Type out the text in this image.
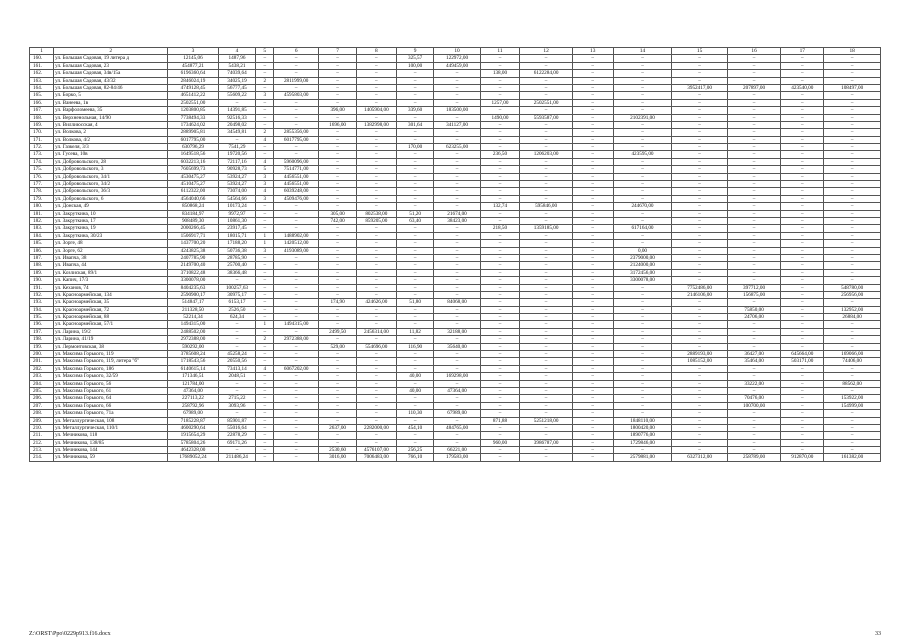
1	2	3	4	5	6	7	8	9	10	11	12	13	14	15	16	17	18
160.	ул. Большая Садовая, 19 литера д	12145,06	1487,96	–	–	–	–	325,57	122972,00	–	–	–	–	–	–	–	–
161.	ул. Большая Садовая, 23	454877,21	5438,21	–	–	–	–	100,00	449459,00	–	–	–	–	–	–	–	–
162.	ул. Большая Садовая, 34в/15а	6196360,64	74039,64	–	–	–	–	–	–	138,00	6122284,00	–	–	–	–	–	–
163.	ул. Большая Садовая, 43/32	2846024,19	34025,19	2	2811999,00	–	–	–	–	–	–	–	–	–	–	–	–
164.	ул. Большая Садовая, 82-84/46	4749128,45	56777,45	–	–	–	–	–	–	–	–	–	–	3952417,00	207897,00	423540,00	108497,00
165.	ул. Борко, 5	4651412,22	55609,22	3	4595803,00	–	–	–	–	–	–	–	–	–	–	–	–
166.	ул. Ванеева, 1в	2502551,00	–	–	–	–	–	–	–	1257,00	2502551,00	–	–	–	–	–	–
167.	ул. Варфоломеева, 35	1203800,85	14391,85	–	–	396,00	1405904,00	339,60	183500,00	–	–	–	–	–	–	–	–
168.	ул. Верхненольная, 14/90	7738494,33	92516,33	–	–	–	–	–	–	1490,00	5593587,00	–	2102391,00	–	–	–	–
169.	ул. Виллиюсская, 4	1734624,02	20498,02	–	–	1696,00	1382998,00	301,64	341127,00	–	–	–	–	–	–	–	–
170.	ул. Волкова, 2	2889905,81	34549,81	2	2855356,00	–	–	–	–	–	–	–	–	–	–	–	–
171.	ул. Волкова, 4/2	6017795,00	–	4	6017795,00	–	–	–	–	–	–	–	–	–	–	–	–
172.	ул. Газкеля, 3/3	630796,29	7541,29	–	–	–	–	170,00	623255,00	–	–	–	–	–	–	–	–
173.	ул. Гусева, 10в	1649518,56	19720,56	–	–	–	–	–	–	236,50	1206203,00	–	423595,00	–	–	–	–
174.	ул. Добровольского, 28	6032213,16	72117,16	4	5960096,00	–	–	–	–	–	–	–	–	–	–	–	–
175.	ул. Добровольского, 3	7605699,73	90928,73	5	7514771,00	–	–	–	–	–	–	–	–	–	–	–	–
176.	ул. Добровольского, 34/1	4530475,27	53924,27	3	4456551,00	–	–	–	–	–	–	–	–	–	–	–	–
177.	ул. Добровольского, 34/2	4510475,27	53924,27	3	4456551,00	–	–	–	–	–	–	–	–	–	–	–	–
178.	ул. Добровольского, 36/3	6112322,00	73074,00	4	6039248,00	–	–	–	–	–	–	–	–	–	–	–	–
179.	ул. Добровольского, 6	4564040,66	54564,66	3	4509476,00	–	–	–	–	–	–	–	–	–	–	–	–
180.	ул. Донская, 49	850868,24	10173,24	–	–	–	–	–	–	132,74	595846,00	–	244670,00	–	–	–	–
181.	ул. Закруткина, 10	834184,97	9972,97	–	–	305,00	802538,00	51,20	21674,00	–	–	–	–	–	–	–	–
182.	ул. Закруткина, 17	908489,30	10861,30	–	–	742,00	859205,00	63,40	38423,00	–	–	–	–	–	–	–	–
183.	ул. Закруткина, 19	2000266,45	23917,45	–	–	–	–	–	–	218,50	1359185,00	–	617164,00	–	–	–	–
184.	ул. Закруткина, 30/23	1506917,71	18015,71	1	1488902,00	–	–	–	–	–	–	–	–	–	–	–	–
185.	ул. Зорге, 48	1437700,20	17188,20	1	1420512,00	–	–	–	–	–	–	–	–	–	–	–	–
186.	ул. Зорге, 62	4243825,38	50736,38	3	4193089,00	–	–	–	–	–	–	–	0,00	–	–	–	–
187.	ул. Ивапча, 38	2407785,90	28785,90	–	–	–	–	–	–	–	–	–	2379000,00	–	–	–	–
188.	ул. Ивапча, 44	2149700,40	25700,40	–	–	–	–	–	–	–	–	–	2124000,00	–	–	–	–
189.	ул. Козлиская, 89/1	3710822,48	38366,48	–	–	–	–	–	–	–	–	–	3172456,00	–	–	–	–
190.	ул. Капич, 17/3	3300078,00	–	–	–	–	–	–	–	–	–	–	3300078,00	–	–	–	–
191.	ул. Кеханов, 74	8404235,63	100257,63	–	–	–	–	–	–	–	–	–	–	7752486,00	397712,00	–	548780,00
192.	ул. Красноармейская, 134	2590900,17	30975,17	–	–	–	–	–	–	–	–	–	–	2146106,00	156875,00	–	256956,00
193.	ул. Красноармейская, 35	514847,17	6153,17	–	–	174,90	424626,00	51,80	84068,00	–	–	–	–	–	–	–	–
194.	ул. Красноармейская, 72	211328,50	2526,50	–	–	–	–	–	–	–	–	–	–	–	75850,00	–	132952,00
195.	ул. Красноармейская, 88	52214,34	624,34	–	–	–	–	–	–	–	–	–	–	–	24706,00	–	26884,00
196.	ул. Красноармейская, 57/1	1494315,00	–	1	1494315,00	–	–	–	–	–	–	–	–	–	–	–	–
197.	ул. Ларина, 19/2	2488502,00	–	–	–	2499,50	2456314,00	11,82	32188,00	–	–	–	–	–	–	–	–
198.	ул. Ларина, 41/19	2972388,00	–	2	2972388,00	–	–	–	–	–	–	–	–	–	–	–	–
199.	ул. Лермонтовская, 38	590292,00	–	–	–	529,00	554696,00	116,90	35640,00	–	–	–	–	–	–	–	–
200.	ул. Максима Горького, 119	3785608,24	45258,24	–	–	–	–	–	–	–	–	–	–	2889193,00	36427,00	645664,00	169066,00
201.	ул. Максима Горького, 119, литера "б"	1718543,56	20550,56	–	–	–	–	–	–	–	–	–	–	1085152,00	35464,00	503171,00	74406,00
202.	ул. Максима Горького, 186	6140615,14	73413,14	4	6067202,00	–	–	–	–	–	–	–	–	–	–	–	–
203.	ул. Максима Горького, 32/59	171346,51	2048,51	–	–	–	–	40,00	169298,00	–	–	–	–	–	–	–	–
204.	ул. Максима Горького, 56	121784,00	–	–	–	–	–	–	–	–	–	–	–	–	33222,00	–	88562,00
205.	ул. Максима Горького, 61	47364,00	–	–	–	–	–	40,00	47364,00	–	–	–	–	–	–	–	–
206.	ул. Максима Горького, 64	227113,22	2715,22	–	–	–	–	–	–	–	–	–	–	–	70476,00	–	153922,00
207.	ул. Максима Горького, 66	258792,96	3093,96	–	–	–	–	–	–	–	–	–	–	–	100700,00	–	154999,00
208.	ул. Максима Горького, 71а	67989,00	–	–	–	–	–	110,30	67989,00	–	–	–	–	–	–	–	–
209.	ул. Металлургическая, 108	7185228,87	85901,87	–	–	–	–	–	–	871,88	5251218,00	–	1848110,00	–	–	–	–
210.	ул. Металлургическая, 110/1	4600290,64	55016,64	–	–	2637,00	2282000,00	454,10	484765,00	–	–	–	1800420,00	–	–	–	–
211.	ул. Мечникова, 118	1915654,29	22878,29	–	–	–	–	–	–	–	–	–	1890776,00	–	–	–	–
212.	ул. Мечникова, 138/85	5785804,26	69171,26	–	–	–	–	–	–	960,00	3986787,00	–	1729846,00	–	–	–	–
213.	ул. Мечникова, 144	4642328,00	–	–	–	2530,60	4576107,00	256,25	66221,00	–	–	–	–	–	–	–	–
214.	ул. Мечникова, 59	17689052,24	211486,24	–	–	3016,00	7006483,00	766,10	179583,00	–	–	–	2579881,00	6327312,00	258789,00	912870,00	161382,00
Z:\ORST\Ppo\0229p913.f16.docx	33
